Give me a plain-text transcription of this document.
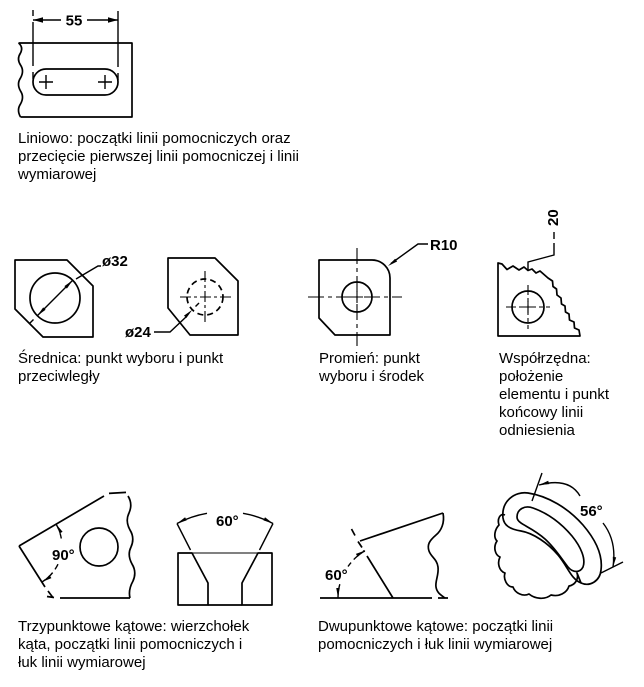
55
ø32
ø24
R10
20
90°
60°
60°
56°
Liniowo: początki linii pomocniczych oraz
przecięcie pierwszej linii pomocniczej i linii
wymiarowej
Średnica: punkt wyboru i punkt
przeciwległy
Promień: punkt
wyboru i środek
Współrzędna:
położenie
elementu i punkt
końcowy linii
odniesienia
Trzypunktowe kątowe: wierzchołek
kąta, początki linii pomocniczych i
łuk linii wymiarowej
Dwupunktowe kątowe: początki linii
pomocniczych i łuk linii wymiarowej
